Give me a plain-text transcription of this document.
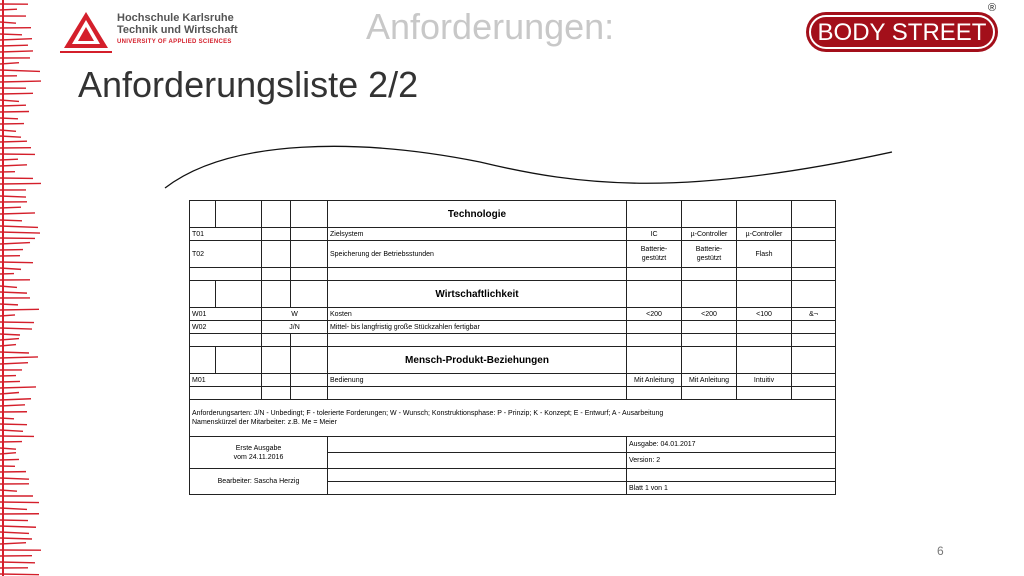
Hochschule Karlsruhe
Technik und Wirtschaft
UNIVERSITY OF APPLIED SCIENCES	Anforderungen:
Anforderungsliste 2/2
BODY STREET
®
				Technologie				
T01				Zielsystem	IC	µ-Controller	µ-Controller	
T02				Speicherung der Betriebsstunden	Batterie-gestützt	Batterie-gestützt	Flash	

				Wirtschaftlichkeit				
W01		W		Kosten	<200	<200	<100	&¬
W02		J/N		Mittel- bis langfristig große Stückzahlen fertigbar				

				Mensch-Produkt-Beziehungen				
M01				Bedienung	Mit Anleitung	Mit Anleitung	Intuitiv	

Anforderungsarten: J/N - Unbedingt; F - tolerierte Forderungen; W - Wunsch; Konstruktionsphase: P - Prinzip; K - Konzept; E - Entwurf; A - Ausarbeitung
Namenskürzel der Mitarbeiter: z.B. Me = Meier								

Erste Ausgabe
vom 24.11.2016					Ausgabe: 04.01.2017			
					Version: 2			
Bearbeiter: Sascha Herzig								
					Blatt 1 von 1			
6
